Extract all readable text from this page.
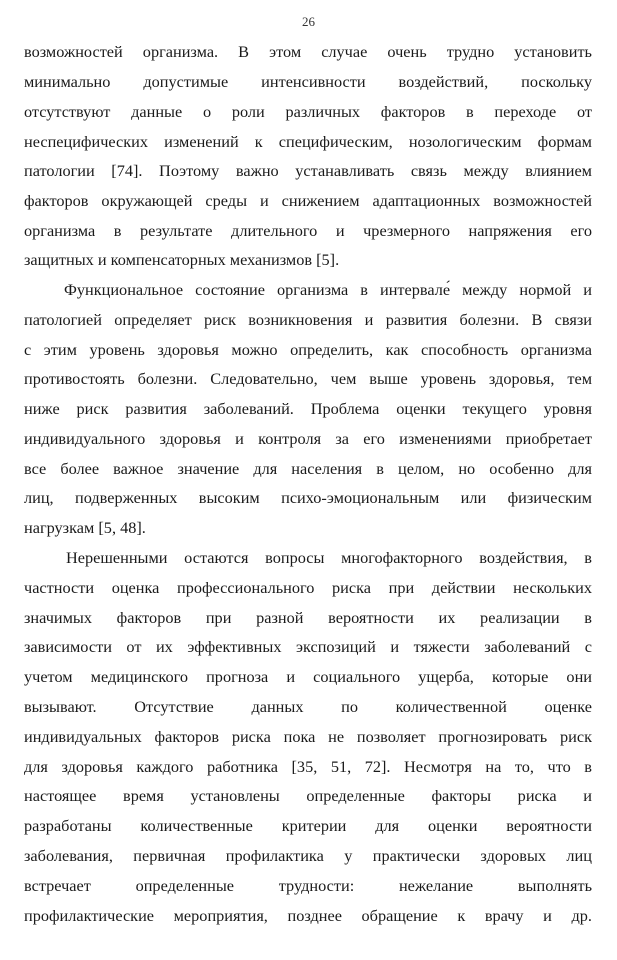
26
возможностей организма. В этом случае очень трудно установить
минимально допустимые интенсивности воздействий, поскольку
отсутствуют данные о роли различных факторов в переходе от
неспецифических изменений к специфическим, нозологическим формам
патологии [74]. Поэтому важно устанавливать связь между влиянием
факторов окружающей среды и снижением адаптационных возможностей
организма в результате длительного и чрезмерного напряжения его
защитных и компенсаторных механизмов [5].
Функциональное состояние организма в интервале́ между нормой и
патологией определяет риск возникновения и развития болезни. В связи
с этим уровень здоровья можно определить, как способность организма
противостоять болезни. Следовательно, чем выше уровень здоровья, тем
ниже риск развития заболеваний. Проблема оценки текущего уровня
индивидуального здоровья и контроля за его изменениями приобретает
все более важное значение для населения в целом, но особенно для
лиц, подверженных высоким психо-эмоциональным или физическим
нагрузкам [5, 48].
Нерешенными остаются вопросы многофакторного воздействия, в
частности оценка профессионального риска при действии нескольких
значимых факторов при разной вероятности их реализации в
зависимости от их эффективных экспозиций и тяжести заболеваний с
учетом медицинского прогноза и социального ущерба, которые они
вызывают. Отсутствие данных по количественной оценке
индивидуальных факторов риска пока не позволяет прогнозировать риск
для здоровья каждого работника [35, 51, 72]. Несмотря на то, что в
настоящее время установлены определенные факторы риска и
разработаны количественные критерии для оценки вероятности
заболевания, первичная профилактика у практически здоровых лиц
встречает определенные трудности: нежелание выполнять
профилактические мероприятия, позднее обращение к врачу и др.
